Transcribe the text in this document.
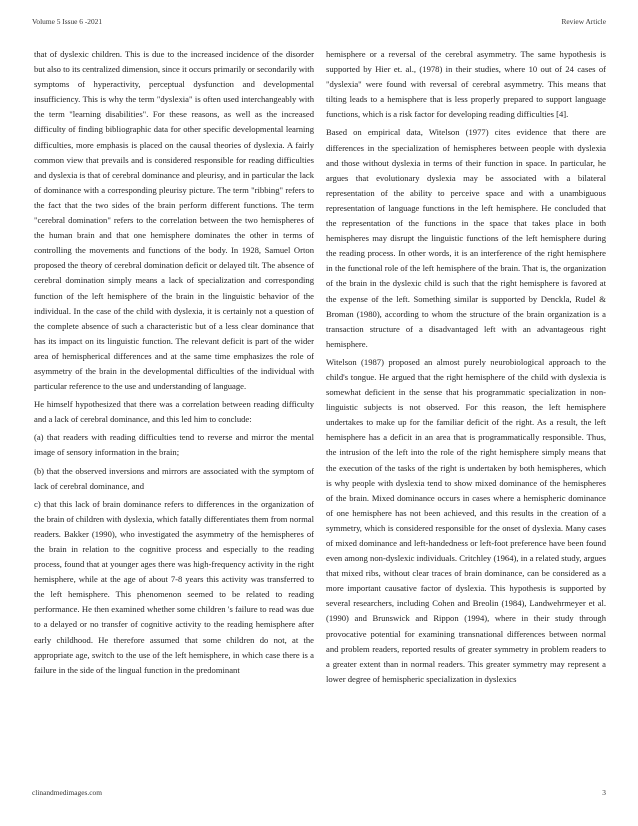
Volume 5 Issue 6 -2021	Review Article

that of dyslexic children. This is due to the increased incidence of the disorder but also to its centralized dimension, since it occurs primarily or secondarily with symptoms of hyperactivity, perceptual dysfunction and developmental insufficiency. This is why the term "dyslexia" is often used interchangeably with the term "learning disabilities". For these reasons, as well as the increased difficulty of finding bibliographic data for other specific developmental learning difficulties, more emphasis is placed on the causal theories of dyslexia. A fairly common view that prevails and is considered responsible for reading difficulties and dyslexia is that of cerebral dominance and pleurisy, and in particular the lack of dominance with a corresponding pleurisy picture. The term "ribbing" refers to the fact that the two sides of the brain perform different functions. The term "cerebral domination" refers to the correlation between the two hemispheres of the human brain and that one hemisphere dominates the other in terms of controlling the movements and functions of the body. In 1928, Samuel Orton proposed the theory of cerebral domination deficit or delayed tilt. The absence of cerebral domination simply means a lack of specialization and corresponding function of the left hemisphere of the brain in the linguistic behavior of the individual. In the case of the child with dyslexia, it is certainly not a question of the complete absence of such a characteristic but of a less clear dominance that has its impact on its linguistic function. The relevant deficit is part of the wider area of hemispherical differences and at the same time emphasizes the role of asymmetry of the brain in the developmental difficulties of the individual with particular reference to the use and understanding of language.

He himself hypothesized that there was a correlation between reading difficulty and a lack of cerebral dominance, and this led him to conclude:

(a) that readers with reading difficulties tend to reverse and mirror the mental image of sensory information in the brain;

(b) that the observed inversions and mirrors are associated with the symptom of lack of cerebral dominance, and

c) that this lack of brain dominance refers to differences in the organization of the brain of children with dyslexia, which fatally differentiates them from normal readers. Bakker (1990), who investigated the asymmetry of the hemispheres of the brain in relation to the cognitive process and especially to the reading process, found that at younger ages there was high-frequency activity in the right hemisphere, while at the age of about 7-8 years this activity was transferred to the left hemisphere. This phenomenon seemed to be related to reading performance. He then examined whether some children 's failure to read was due to a delayed or no transfer of cognitive activity to the reading hemisphere after early childhood. He therefore assumed that some children do not, at the appropriate age, switch to the use of the left hemisphere, in which case there is a failure in the side of the lingual function in the predominant

hemisphere or a reversal of the cerebral asymmetry. The same hypothesis is supported by Hier et. al., (1978) in their studies, where 10 out of 24 cases of "dyslexia" were found with reversal of cerebral asymmetry. This means that tilting leads to a hemisphere that is less properly prepared to support language functions, which is a risk factor for developing reading difficulties [4].

Based on empirical data, Witelson (1977) cites evidence that there are differences in the specialization of hemispheres between people with dyslexia and those without dyslexia in terms of their function in space. In particular, he argues that evolutionary dyslexia may be associated with a bilateral representation of the ability to perceive space and with a unambiguous representation of language functions in the left hemisphere. He concluded that the representation of the functions in the space that takes place in both hemispheres may disrupt the linguistic functions of the left hemisphere during the reading process. In other words, it is an interference of the right hemisphere in the functional role of the left hemisphere of the brain. That is, the organization of the brain in the dyslexic child is such that the right hemisphere is favored at the expense of the left. Something similar is supported by Denckla, Rudel & Broman (1980), according to whom the structure of the brain organization is a transaction structure of a disadvantaged left with an advantageous right hemisphere.

Witelson (1987) proposed an almost purely neurobiological approach to the child's tongue. He argued that the right hemisphere of the child with dyslexia is somewhat deficient in the sense that his programmatic specialization in non-linguistic subjects is not observed. For this reason, the left hemisphere undertakes to make up for the familiar deficit of the right. As a result, the left hemisphere has a deficit in an area that is programmatically responsible. Thus, the intrusion of the left into the role of the right hemisphere simply means that the execution of the tasks of the right is undertaken by both hemispheres, which is why people with dyslexia tend to show mixed dominance of the hemispheres of the brain. Mixed dominance occurs in cases where a hemispheric dominance of one hemisphere has not been achieved, and this results in the creation of a symmetry, which is considered responsible for the onset of dyslexia. Many cases of mixed dominance and left-handedness or left-foot preference have been found even among non-dyslexic individuals. Critchley (1964), in a related study, argues that mixed ribs, without clear traces of brain dominance, can be considered as a more important causative factor of dyslexia. This hypothesis is supported by several researchers, including Cohen and Breolin (1984), Landwehrmeyer et al. (1990) and Brunswick and Rippon (1994), where in their study through provocative potential for examining transnational differences between normal and problem readers, reported results of greater symmetry in problem readers to a greater extent than in normal readers. This greater symmetry may represent a lower degree of hemispheric specialization in dyslexics

clinandmedimages.com	3
